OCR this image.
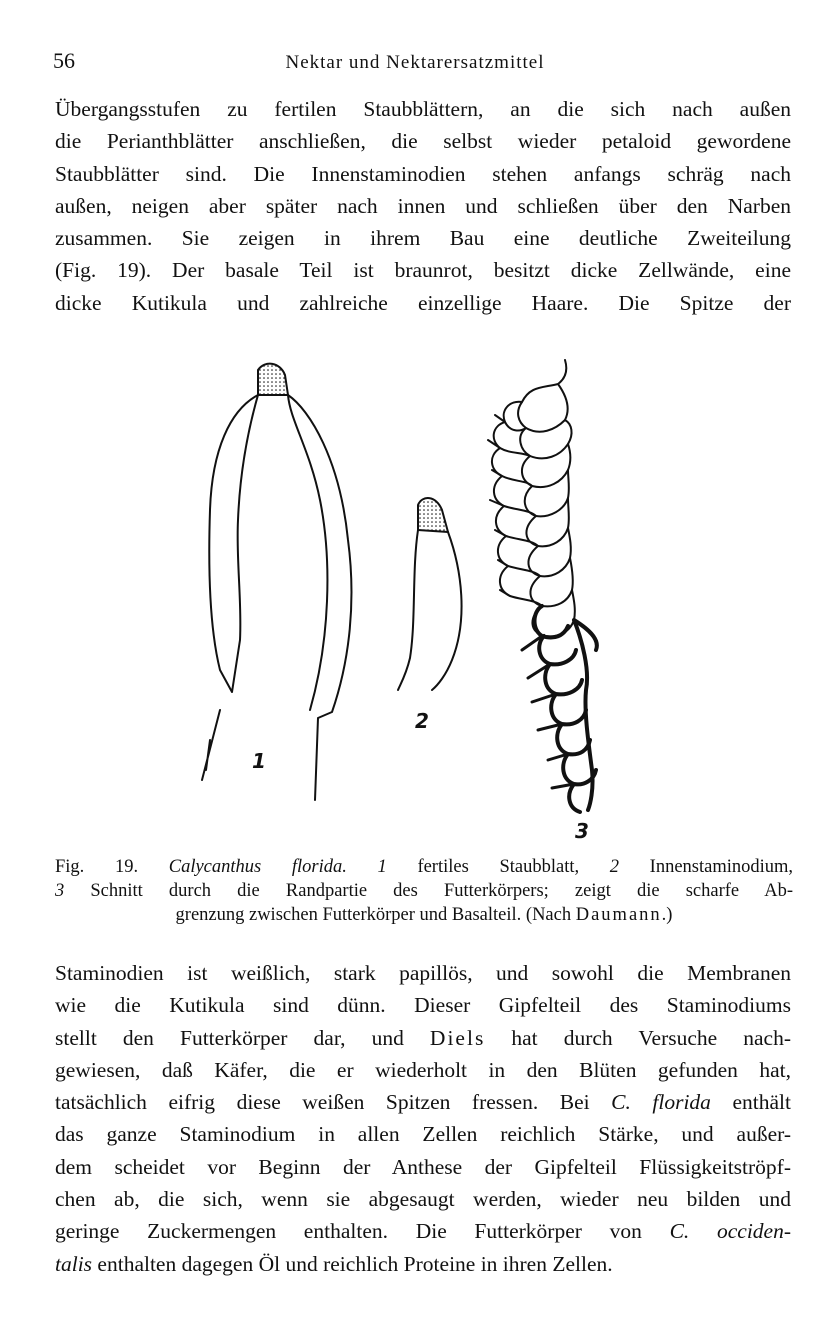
56	Nektar und Nektarersatzmittel

Übergangsstufen zu fertilen Staubblättern, an die sich nach außen
die Perianthblätter anschließen, die selbst wieder petaloid gewordene
Staubblätter sind. Die Innenstaminodien stehen anfangs schräg nach
außen, neigen aber später nach innen und schließen über den Narben
zusammen. Sie zeigen in ihrem Bau eine deutliche Zweiteilung
(Fig. 19). Der basale Teil ist braunrot, besitzt dicke Zellwände, eine
dicke Kutikula und zahlreiche einzellige Haare. Die Spitze der

1
2
3
Fig. 19. Calycanthus florida. 1 fertiles Staubblatt, 2 Innenstaminodium,
3 Schnitt durch die Randpartie des Futterkörpers; zeigt die scharfe Ab-
grenzung zwischen Futterkörper und Basalteil. (Nach Daumann.)

Staminodien ist weißlich, stark papillös, und sowohl die Membranen
wie die Kutikula sind dünn. Dieser Gipfelteil des Staminodiums
stellt den Futterkörper dar, und Diels hat durch Versuche nach-
gewiesen, daß Käfer, die er wiederholt in den Blüten gefunden hat,
tatsächlich eifrig diese weißen Spitzen fressen. Bei C. florida enthält
das ganze Staminodium in allen Zellen reichlich Stärke, und außer-
dem scheidet vor Beginn der Anthese der Gipfelteil Flüssigkeitströpf-
chen ab, die sich, wenn sie abgesaugt werden, wieder neu bilden und
geringe Zuckermengen enthalten. Die Futterkörper von C. occiden-
talis enthalten dagegen Öl und reichlich Proteine in ihren Zellen.
